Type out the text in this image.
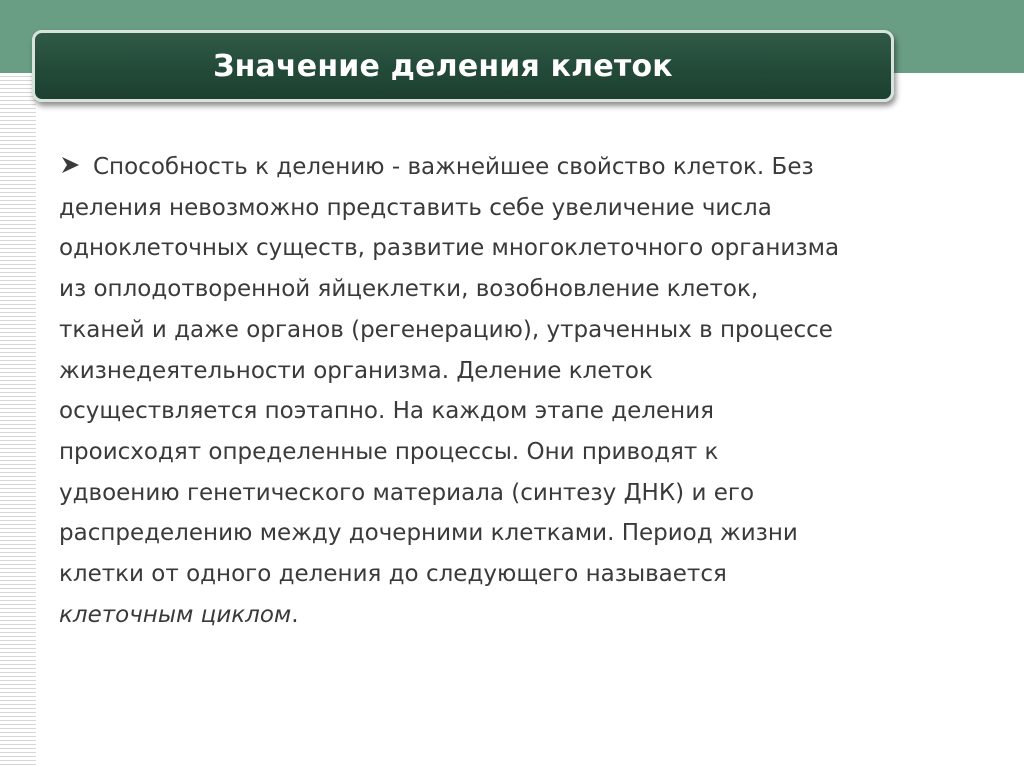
Значение деления клеток
Способность к делению - важнейшее свойство клеток. Без
деления невозможно представить себе увеличение числа
одноклеточных существ, развитие многоклеточного организма
из оплодотворенной яйцеклетки, возобновление клеток,
тканей и даже органов (регенерацию), утраченных в процессе
жизнедеятельности организма. Деление клеток
осуществляется поэтапно. На каждом этапе деления
происходят определенные процессы. Они приводят к
удвоению генетического материала (синтезу ДНК) и его
распределению между дочерними клетками. Период жизни
клетки от одного деления до следующего называется
клеточным циклом.
